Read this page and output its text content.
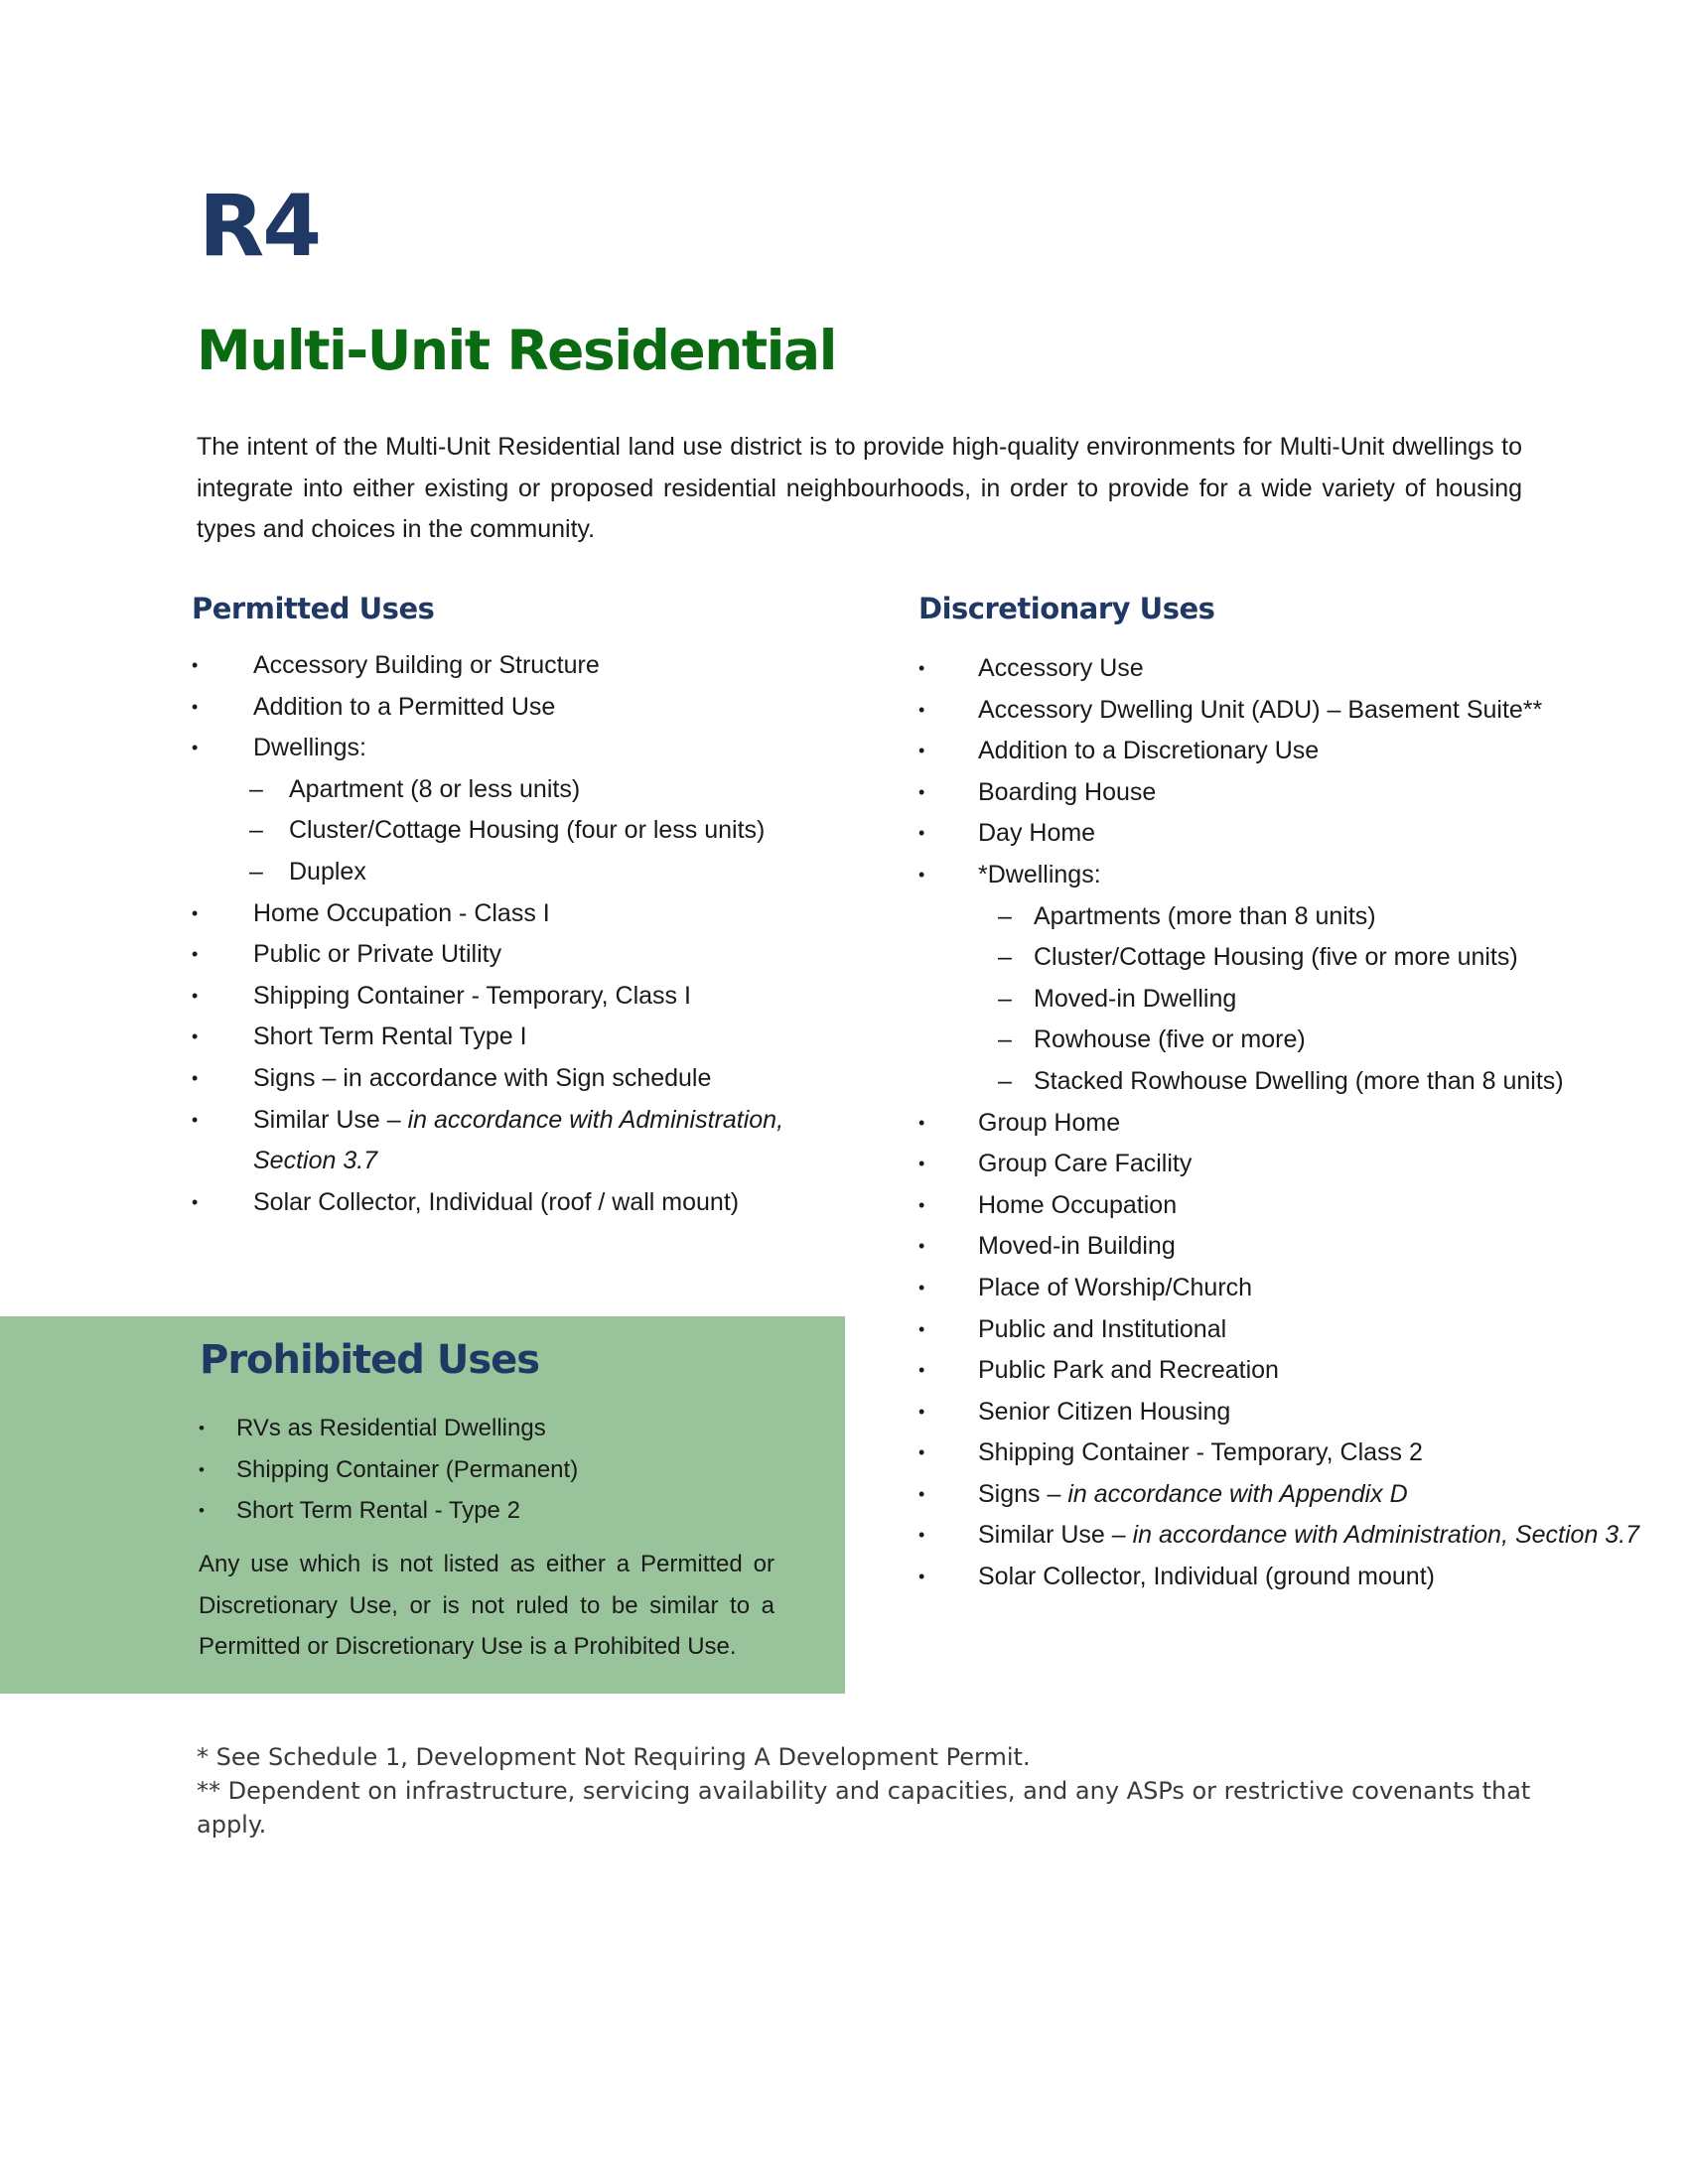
R4
Multi-Unit Residential

The intent of the Multi-Unit Residential land use district is to provide high-quality environments for Multi-Unit dwellings to integrate into either existing or proposed residential neighbourhoods, in order to provide for a wide variety of housing types and choices in the community.

Permitted Uses
• Accessory Building or Structure
• Addition to a Permitted Use
• Dwellings:
– Apartment (8 or less units)
– Cluster/Cottage Housing (four or less units)
– Duplex
• Home Occupation - Class I
• Public or Private Utility
• Shipping Container - Temporary, Class I
• Short Term Rental Type I
• Signs – in accordance with Sign schedule
• Similar Use – in accordance with Administration,
Section 3.7
• Solar Collector, Individual (roof / wall mount)
Discretionary Uses
• Accessory Use
• Accessory Dwelling Unit (ADU) – Basement Suite**
• Addition to a Discretionary Use
• Boarding House
• Day Home
• *Dwellings:
– Apartments (more than 8 units)
– Cluster/Cottage Housing (five or more units)
– Moved-in Dwelling
– Rowhouse (five or more)
– Stacked Rowhouse Dwelling (more than 8 units)
• Group Home
• Group Care Facility
• Home Occupation
• Moved-in Building
• Place of Worship/Church
• Public and Institutional
• Public Park and Recreation
• Senior Citizen Housing
• Shipping Container - Temporary, Class 2
• Signs – in accordance with Appendix D
• Similar Use – in accordance with Administration, Section 3.7
• Solar Collector, Individual (ground mount)
Prohibited Uses
• RVs as Residential Dwellings
• Shipping Container (Permanent)
• Short Term Rental - Type 2

Any use which is not listed as either a Permitted or Discretionary Use, or is not ruled to be similar to a Permitted or Discretionary Use is a Prohibited Use.

* See Schedule 1, Development Not Requiring A Development Permit.

** Dependent on infrastructure, servicing availability and capacities, and any ASPs or restrictive covenants that apply.
